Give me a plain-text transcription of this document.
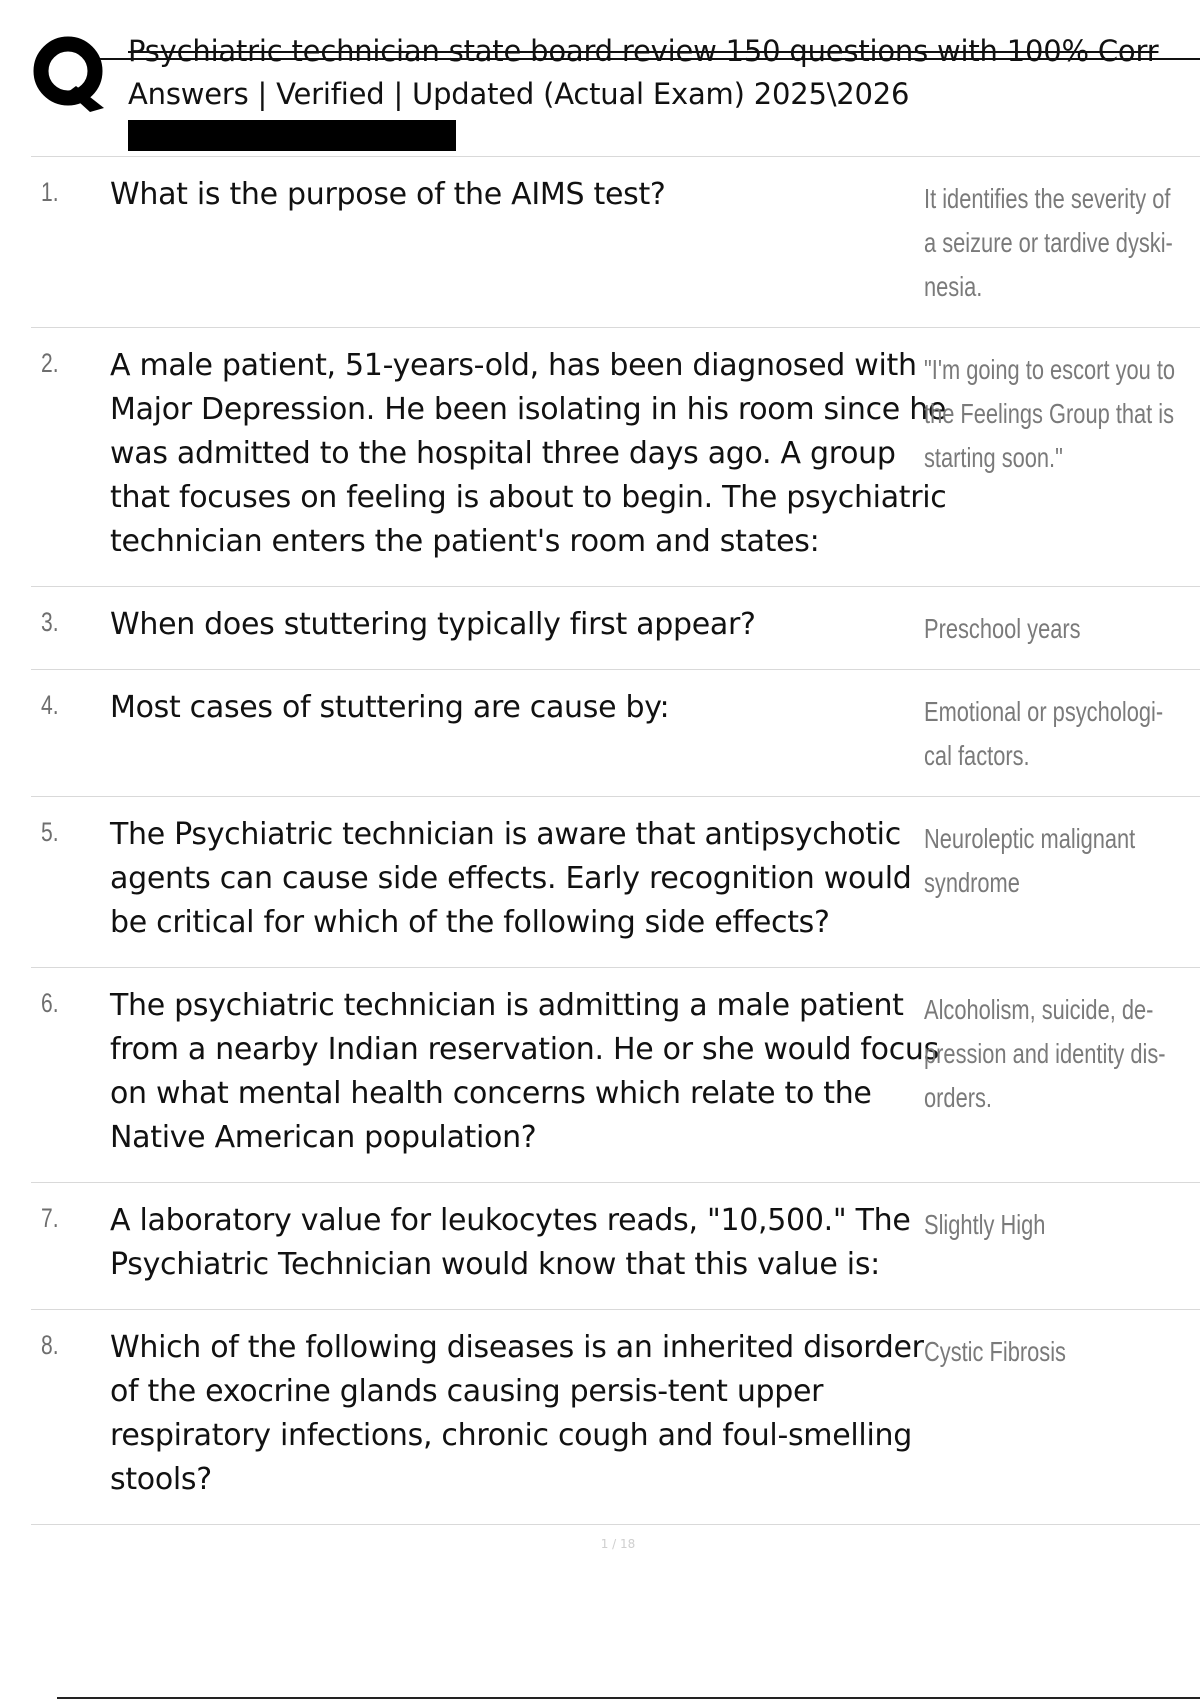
Psychiatric technician state board review 150 questions with 100% Corr
Answers | Verified | Updated (Actual Exam) 2025\2026
1. What is the purpose of the AIMS test?	It identifies the severity of
a seizure or tardive dyski-
nesia.
2. A male patient, 51-years-old, has been diagnosed with Major Depression. He been isolating in his room since he was admitted to the hospital three days ago. A group that focuses on feeling is about to begin. The psychiatric technician enters the patient's room and states:
"I'm going to escort you to
the Feelings Group that is
starting soon."
3. When does stuttering typically first appear?	Preschool years
4. Most cases of stuttering are cause by:	Emotional or psychologi-
cal factors.
5. The Psychiatric technician is aware that antipsychotic agents can cause side effects. Early recognition would be critical for which of the following side effects?
Neuroleptic malignant
syndrome
6. The psychiatric technician is admitting a male patient from a nearby Indian reservation. He or she would focus on what mental health concerns which relate to the Native American population?
Alcoholism, suicide, de-
pression and identity dis-
orders.
7. A laboratory value for leukocytes reads, "10,500." The Psychiatric Technician would know that this value is:
Slightly High
8. Which of the following diseases is an inherited disorder of the exocrine glands causing persis-tent upper respiratory infections, chronic cough and foul-smelling stools?
Cystic Fibrosis
1 / 18
